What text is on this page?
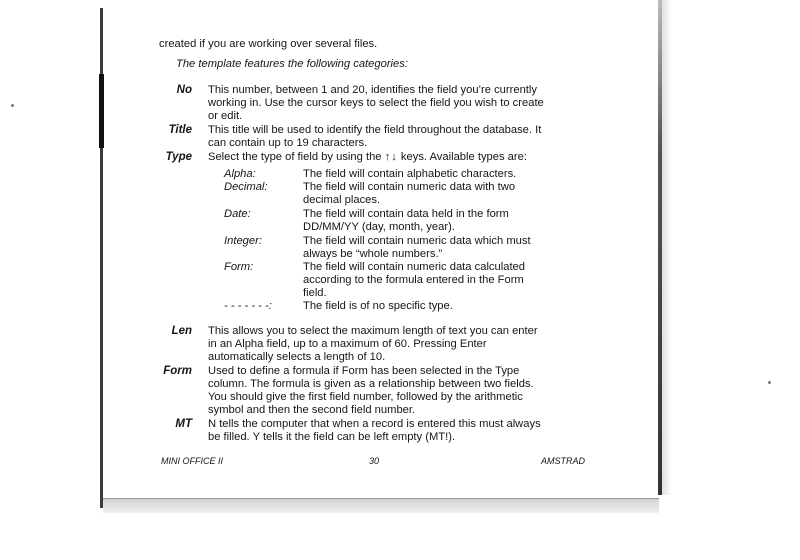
created if you are working over several files.
The template features the following categories:
No This number, between 1 and 20, identifies the field you’re currently
working in. Use the cursor keys to select the field you wish to create
or edit.
Title This title will be used to identify the field throughout the database. It
can contain up to 19 characters.
Type Select the type of field by using the ↑↓ keys. Available types are:
Alpha:	The field will contain alphabetic characters.
Decimal:	The field will contain numeric data with two
decimal places.
Date:	The field will contain data held in the form
DD/MM/YY (day, month, year).
Integer:	The field will contain numeric data which must
always be “whole numbers.”
Form:	The field will contain numeric data calculated
according to the formula entered in the Form
field.
- - - - - - -:	The field is of no specific type.
Len This allows you to select the maximum length of text you can enter
in an Alpha field, up to a maximum of 60. Pressing Enter
automatically selects a length of 10.
Form Used to define a formula if Form has been selected in the Type
column. The formula is given as a relationship between two fields.
You should give the first field number, followed by the arithmetic
symbol and then the second field number.
MT N tells the computer that when a record is entered this must always
be filled. Y tells it the field can be left empty (MT!).
MINI OFFICE II	30	AMSTRAD
